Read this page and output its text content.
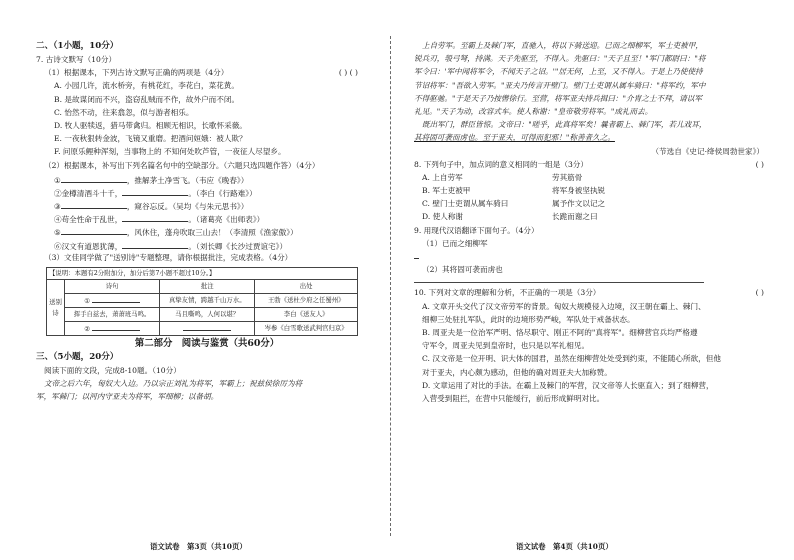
二、（1小题，10分）
7. 古诗文默写（10分）
（1）根据课本，下列古诗文默写正确的两项是（4分）	( ) ( )
A. 小园几许，流水桥旁，有桃花红，李花白，菜花黄。
B. 是故谋闭而不兴，盗窃乱贼而不作，故外户而不闭。
C. 怡然不动，往来翕忽，似与游者相乐。
D. 牧人驱犊返，猎马带禽归。相顾无相识，长歌怀采薇。
E. 一夜秋狠转金波，飞镜又重磨。把酒问姮娥：被人欺？
F. 问原乐鲤种浑刻，当事物上的 不知何处吹芦管，一夜征人尽望乡。
（2）根据课本，补写出下列名篇名句中的空缺部分。（六题只选四题作答）（4分）
①	，推解茅土净雪飞。（韦应《晚春》）
②金樽清酒斗十千，	。（李白《行路难》）
③	，窥谷忘反。（吴均《与朱元思书》）
④苟全性命于乱世，	。（诸葛亮《出师表》）
⑤	，风休住，蓬舟吹取三山去！（李清照《渔家傲》）
⑥汉文有道恩犹薄，	。（刘长卿《长沙过贾谊宅》）
（3）文佳同学做了"送别诗"专题整理，请你根据批注，完成表格。（4分）
【说明：本题有2分附加分，加分后第7小题不超过10分。】			
送别诗	诗句	批注	出处
	①	真挚友情，跨越千山万水。	王勃《送杜少府之任蜀州》
	挥手自兹去，萧萧班马鸣。	马且嘶鸣，人何以堪？	李白《送友人》
	②		岑参《白雪歌送武判官归京》
第二部分　阅读与鉴赏（共60分）
三、（5小题，20分）
阅读下面的文段，完成8-10题。（10分）
文帝之后六年，匈奴大入边。乃以宗正刘礼为将军，军霸上；祝兹侯徐厉为将
军，军棘门；以河内守亚夫为将军，军细柳；以备胡。
语文试卷　第3页（共10页）
上自劳军。至霸上及棘门军，直驰入，将以下骑送迎。已而之细柳军，军士吏被甲，
锐兵刃，彀弓弩，持满。天子先驱至，不得入。先驱曰："天子且至！"军门都尉曰："将
军令曰：'军中闻将军令，不闻天子之诏。'"居无何，上至，又不得入。于是上乃使使持
节诏将军："吾欲入劳军。"亚夫乃传言开壁门。壁门士吏谓从属车骑曰："将军约，军中
不得驱驰。"于是天子乃按辔徐行。至营，将军亚夫持兵揖曰："介胄之士不拜，请以军
礼见。"天子为动，改容式车。使人称谢："皇帝敬劳将军。"成礼而去。
既出军门，群臣皆惊。文帝曰："嗟乎，此真将军矣！曩者霸上、棘门军，若儿戏耳，
其将固可袭而虏也。至于亚夫，可得而犯邪！"称善者久之。
（节选自《史记·绛侯周勃世家》）
8. 下列句子中，加点词的意义相同的一组是（3分）	( )
A. 上自劳军	劳其筋骨
B. 军士吏被甲	将军身被坚执锐
C. 壁门士吏谓从属车骑曰	属予作文以记之
D. 使人称谢	长跪而谢之曰
9. 用现代汉语翻译下面句子。（4分）
（1）已而之细柳军
（2）其将固可袭而虏也
10. 下列对文章的理解和分析，不正确的一项是（3分）	( )
A. 文章开头交代了汉文帝劳军的背景。匈奴大规模侵入边境，汉王朝在霸上、棘门、
细柳三处驻扎军队，此时的边境形势严峻，军队处于戒备状态。
B. 周亚夫是一位治军严明、恪尽职守、刚正不阿的"真将军"。细柳营官兵均严格遵
守军令，周亚夫见到皇帝时，也只是以军礼相见。
C. 汉文帝是一位开明、识大体的国君，虽然在细柳营处处受到约束，不能随心所欲，但他
对于亚夫，内心颇为感动，但他的确对周亚夫大加称赞。
D. 文章运用了对比的手法。在霸上及棘门的军营，汉文帝等人长驱直入；到了细柳营，
入营受到阻拦，在营中只能缓行，前后形成鲜明对比。
语文试卷　第4页（共10页）
